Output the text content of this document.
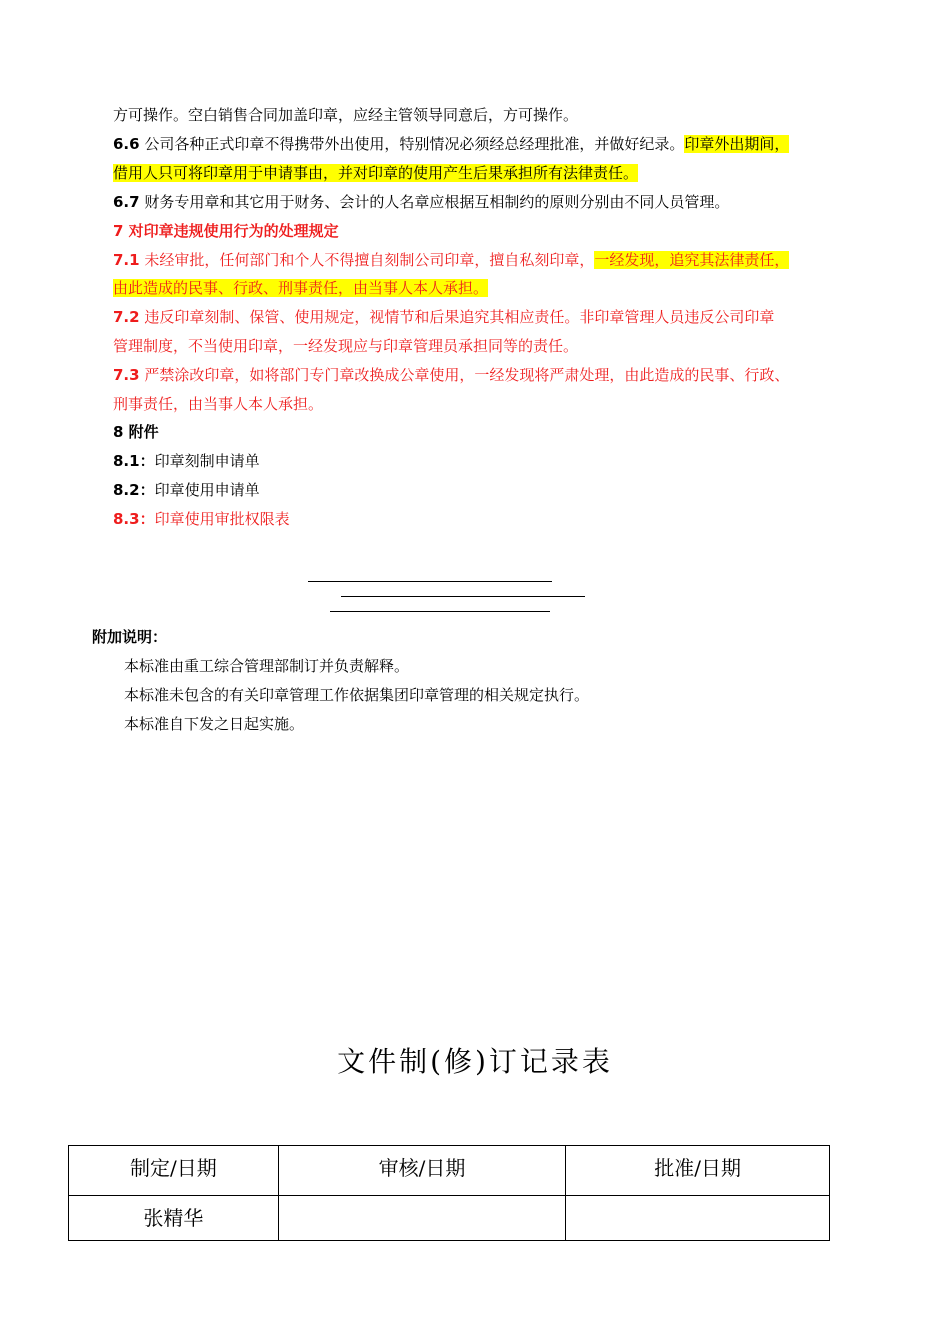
方可操作。空白销售合同加盖印章，应经主管领导同意后，方可操作。
6.6 公司各种正式印章不得携带外出使用，特别情况必须经总经理批准，并做好纪录。印章外出期间，
借用人只可将印章用于申请事由，并对印章的使用产生后果承担所有法律责任。
6.7 财务专用章和其它用于财务、会计的人名章应根据互相制约的原则分别由不同人员管理。
7 对印章违规使用行为的处理规定
7.1 未经审批，任何部门和个人不得擅自刻制公司印章，擅自私刻印章，一经发现，追究其法律责任，
由此造成的民事、行政、刑事责任，由当事人本人承担。
7.2 违反印章刻制、保管、使用规定，视情节和后果追究其相应责任。非印章管理人员违反公司印章
管理制度，不当使用印章，一经发现应与印章管理员承担同等的责任。
7.3 严禁涂改印章，如将部门专门章改换成公章使用，一经发现将严肃处理，由此造成的民事、行政、
刑事责任，由当事人本人承担。
8 附件
8.1：印章刻制申请单
8.2：印章使用申请单
8.3：印章使用审批权限表
附加说明：
本标准由重工综合管理部制订并负责解释。
本标准未包含的有关印章管理工作依据集团印章管理的相关规定执行。
本标准自下发之日起实施。
文件制(修)订记录表
制定/日期	审核/日期	批准/日期
张精华		
